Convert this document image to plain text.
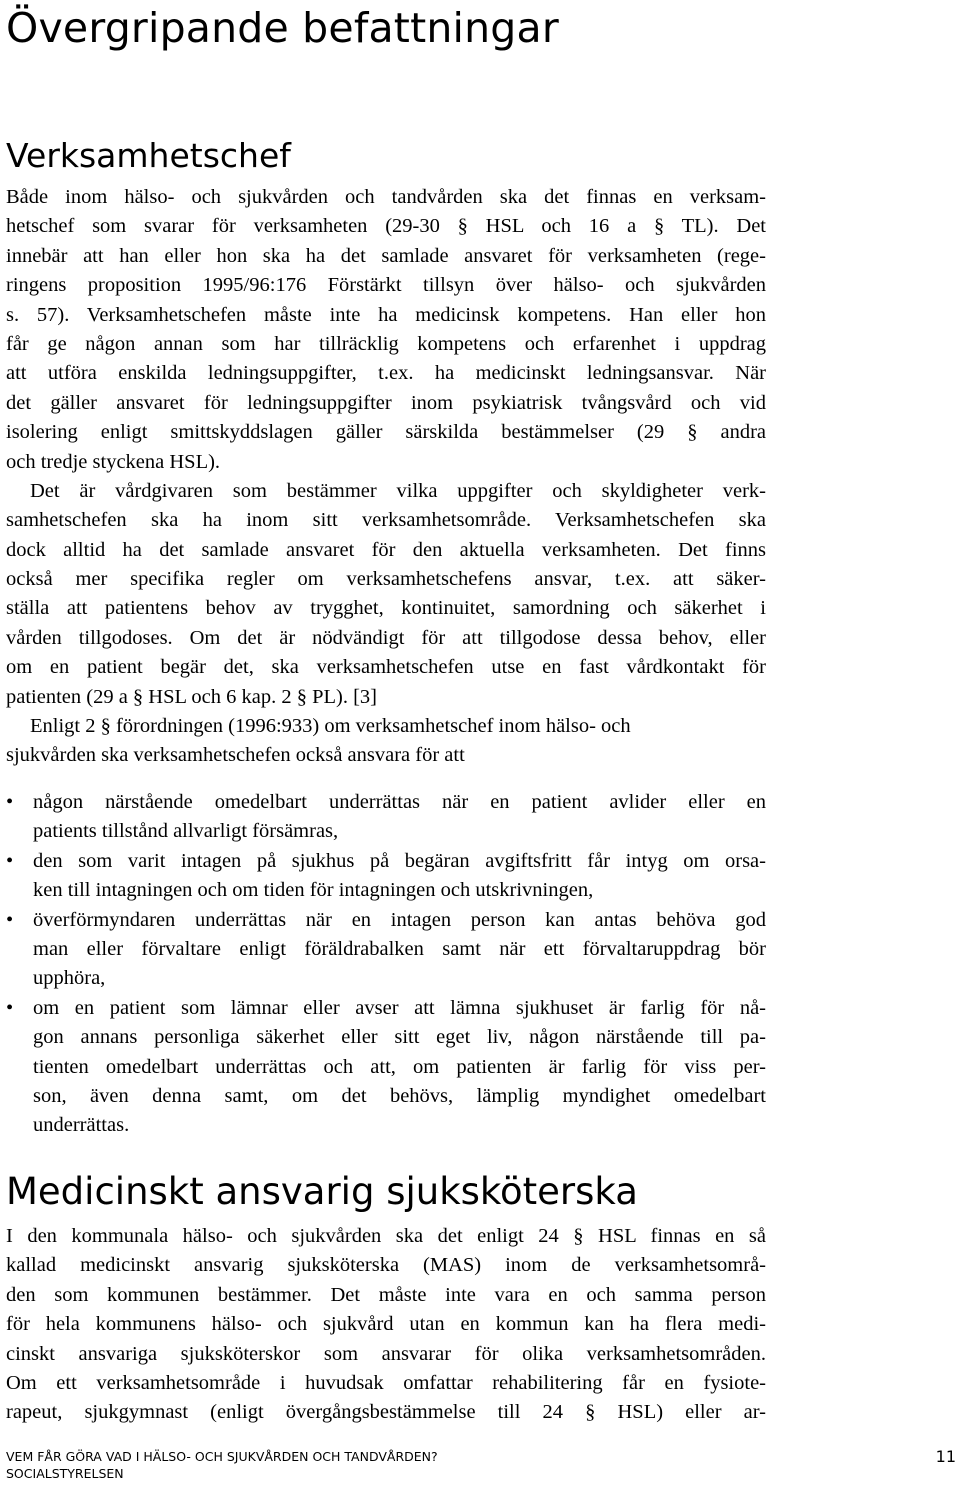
Övergripande befattningar
Verksamhetschef
Både inom hälso- och sjukvården och tandvården ska det finnas en verksam-
hetschef som svarar för verksamheten (29-30 § HSL och 16 a § TL). Det
innebär att han eller hon ska ha det samlade ansvaret för verksamheten (rege-
ringens proposition 1995/96:176 Förstärkt tillsyn över hälso- och sjukvården
s. 57). Verksamhetschefen måste inte ha medicinsk kompetens. Han eller hon
får ge någon annan som har tillräcklig kompetens och erfarenhet i uppdrag
att utföra enskilda ledningsuppgifter, t.ex. ha medicinskt ledningsansvar. När
det gäller ansvaret för ledningsuppgifter inom psykiatrisk tvångsvård och vid
isolering enligt smittskyddslagen gäller särskilda bestämmelser (29 § andra
och tredje styckena HSL).
Det är vårdgivaren som bestämmer vilka uppgifter och skyldigheter verk-
samhetschefen ska ha inom sitt verksamhetsområde. Verksamhetschefen ska
dock alltid ha det samlade ansvaret för den aktuella verksamheten. Det finns
också mer specifika regler om verksamhetschefens ansvar, t.ex. att säker-
ställa att patientens behov av trygghet, kontinuitet, samordning och säkerhet i
vården tillgodoses. Om det är nödvändigt för att tillgodose dessa behov, eller
om en patient begär det, ska verksamhetschefen utse en fast vårdkontakt för
patienten (29 a § HSL och 6 kap. 2 § PL). [3]
Enligt 2 § förordningen (1996:933) om verksamhetschef inom hälso- och
sjukvården ska verksamhetschefen också ansvara för att
• någon närstående omedelbart underrättas när en patient avlider eller en
patients tillstånd allvarligt försämras,
• den som varit intagen på sjukhus på begäran avgiftsfritt får intyg om orsa-
ken till intagningen och om tiden för intagningen och utskrivningen,
• överförmyndaren underrättas när en intagen person kan antas behöva god
man eller förvaltare enligt föräldrabalken samt när ett förvaltaruppdrag bör
upphöra,
• om en patient som lämnar eller avser att lämna sjukhuset är farlig för nå-
gon annans personliga säkerhet eller sitt eget liv, någon närstående till pa-
tienten omedelbart underrättas och att, om patienten är farlig för viss per-
son, även denna samt, om det behövs, lämplig myndighet omedelbart
underrättas.
Medicinskt ansvarig sjuksköterska
I den kommunala hälso- och sjukvården ska det enligt 24 § HSL finnas en så
kallad medicinskt ansvarig sjuksköterska (MAS) inom de verksamhetsområ-
den som kommunen bestämmer. Det måste inte vara en och samma person
för hela kommunens hälso- och sjukvård utan en kommun kan ha flera medi-
cinskt ansvariga sjuksköterskor som ansvarar för olika verksamhetsområden.
Om ett verksamhetsområde i huvudsak omfattar rehabilitering får en fysiote-
rapeut, sjukgymnast (enligt övergångsbestämmelse till 24 § HSL) eller ar-
VEM FÅR GÖRA VAD I HÄLSO- OCH SJUKVÅRDEN OCH TANDVÅRDEN?
SOCIALSTYRELSEN
11
